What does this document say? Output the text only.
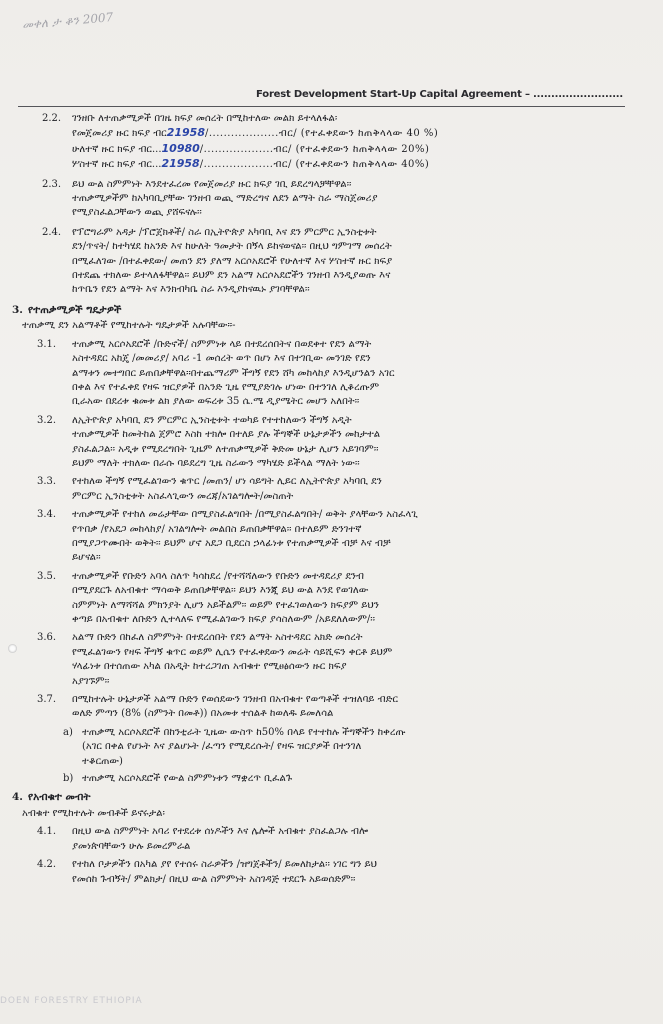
መቀለ ታ ቆን 2007
Forest Development Start-Up Capital Agreement – .........................
2.2. ገንዘቡ ለተጠቃሚዎች በገዜ ክፍያ መሰረት በሚከተለው መልክ ይተላለፋል፡
የመጀመሪያ ዙር ክፍያ ብር21958/...................ብር/ (የተፈቀደውን ከጠቅላላው 40 %)
ሁለተኛ ዙር ክፍያ ብር...10980/...................ብር/ (የተፈቀደውን ከጠቅላላው 20%)
ሦስተኛ ዙር ክፍያ ብር...21958/...................ብር/ (የተፈቀደውን ከጠቅላላው 40%)
2.3. ይህ ውል ስምምነት እንደተፈረመ የመጀመሪያ ዙር ክፍያ ገቢ ይደረግላቻቸዋል፡፡
ተጠቃሚዎችም ከአካባቢያቸው ገንዘብ ወጪ ማድረግና ለደን ልማት ስራ ማስጀመሪያ
የሚያስፈልጋቸውን ወጪ ያሸፍናሉ፡፡
2.4. የፕሮግራም አዳታ /ፕሮጀክቶች/ ስራ በኢትዮጵያ አካባቢ እና ደን ምርምር ኢንስቲቱት
ደን/ጥናት/ ከተካሄደ ከአንድ እና ከሁለት ዓመታት በኝላ ይከናወናል፡፡ በዚህ ግምገማ መሰረት
በሚፈለገው /በተፈቀደው/ መጠን ደን ያለማ አርሶአደሮች የሁለተኛ እና ሦስተኛ ዙር ክፍያ
በተደጨ ተክለው ይተላለፋቸዋል፡፡ ይህም ደን አልማ አርሶአደሮችን ገንዘብ እንዲያወጡ እና
ከጥቤን የደን ልማት እና እንክብካቤ ስራ እንዲያከናዉኑ ያገባቸዋል፡፡
3. የተጠቃሚዎች ግዴታዎች
ተጠቃሚ ደን አልማቶች የሚከተሉት ግዴታዎች አሉባቸው።-
3.1. ተጠቃሚ አርሶአደሮች /ቡድኖች/ ስምምነቱ ላይ በተደረሰበትና በወደቀተ የደን ልማት
አስተዳደር አከጄ /መመሪያ/ አባሪ -1 መሰረት ወጥ በሆነ እና በተገቢው መንገድ የደን
ልማቱን መተግበር ይጠበቃቸዋል።በተጨማሪም ችግኝ የደን ሸካ መከላከያ እንዲሆንልን አገር
በቀል እና የተፈቀደ የዛፍ ዝርያዎች በአንድ ጊዜ የሚያድገሉ ሆነው በተንገለ ሊቆረጡም
ቢራአው በደረቱ ቁመቱ ልክ ያለው ወፍረቱ 35 ሴ.ሜ ዲያሜትር መሆን አለበት፡፡
3.2. ለኢትዮጵያ አካባቢ ደን ምርምር ኢንስቲቱት ተወካይ የተተከለውን ችግኝ አዲት
ተጠቃሚዎች ከመትከል ጀምሮ እስከ ተክሎ በተለይ ያሉ ችግኞች ሁኔታዎችን መከታተል
ያስፈልጋል፡፡ አዲቱ የሚደረግበት ጊዜም ለተጠቃሚዎች ቅድመ ሁኔታ ሊሆን አይገባም፡፡
ይህም ማለት ተክለው በራሱ ባይደረግ ጊዜ ስራውን ማካሄድ ይችላል ማለት ነው፡፡
3.3. የተከለወ ችግኝ የሚፈልገውን ቁጥር /መጠን/ ሆነ ሳይግት ሊይር ለኢትዮጵያ አካባቢ ደን
ምርምር ኢንስቲቱት አስፈላጊውን መረጃ/አገልግሎት/መስጠት
3.4. ተጠቃሚዎች የተከለ መሬታቸው በሚያስፈልግበት /በሚያስፈልግበት/ ወቅት ያላቸውን አስፈላጊ
የጥበቃ /የአደጋ መከላከያ/ አገልግሎት መልበስ ይጠበቃቸዋል፡፡ በተለይም ድንገተኛ
በሚያጋጥሙበት ወቅት፡፡ ይህም ሆኖ አደጋ ቢደርስ ኃላፊነቱ የተጠቃሚዎች ብቻ እና ብቻ
ይሆናል፡፡
3.5. ተጠቃሚዎች የቡድን አባላ ስለጥ ካሳከደረ /የተሻሻለውን የቡድን መተዳደሪያ ደንብ
በሚያደርጉ ለአብቁተ ማሳወቅ ይጠበቃቸዋል፡፡ ይህን እንጂ ይህ ውል እንደ የወገለው
ስምምነት ለማሻሻል ምክንያት ሊሆን አይችልም፡፡ ወይም የተፈገወለውን ክፍያም ይህን
ቀጣይ በአብቁተ ለቡድን ሊተላለፍ የሚፈልገውን ክፍያ ያሳስለውም /አይደለለውም/፡፡
3.6. አልማ ቡድን በከፈለ ስምምነት በተደረሰበት የደን ልማት አስተዳደር አክድ መሰረት
የሚፈልገውን የዛፍ ችግኝ ቁጥር ወይም ሊሴን የተፈቀደውን መሬት ሳይሺፍን ቀርቶ ይህም
ሃላፊነቱ በተሰጠው አካል በአዲት ከተረጋገጠ አብቁተ የሚፀፅሰውን ዙር ክፍያ
አያገኙም፡፡
3.7. በሚከተሉት ሁኔታዎች አልማ ቡድን የወሰደውን ገንዘብ በአብቁተ የወጣቶች ተዝለባይ ብድር
ወለድ ምጣን (8% (ስምንት በመቶ)) በአመቱ ተሰልቶ ከወለዱ ይመለሳል
a) ተጠቃሚ አርሶአደሮች በከንቲራት ጊዜው ውስጥ ከ50% በላይ የተተከሉ ችግኞችን ከቀረጡ
(አገር በቀል የሆኑት እና ያልሆኑት /ፈጣን የሚደረሱት/ የዛፍ ዝርያዎች በተንገለ
ተቆርጠው)
b) ተጠቃሚ አርሶአደሮች የውል ስምምነቱን ማቋረጥ ቢፈልጉ
4. የአብቁተ መብት
አብቁተ የሚከተሉት መብቶች ይኖሩታል፡
4.1. በዚህ ውል ስምምነት አባሪ የተደረቱ ሰነዶችን እና ሌሎች አብቁተ ያስፈልጋሉ ብሎ
ያመነጵባቸውን ሁሉ ይመረምራል
4.2. የተከለ ቦታዎችን በአካል ያየ የተሰሩ ስራዎችን /ዝግጀቶችን/ ይመለከታል፡፡ ነገር ግን ይህ
የመሰከ ጉብኝት/ ምልክታ/ በዚህ ውል ስምምነት አስገዳጅ ተደርጉ አይወሰድም፡፡
DOEN FORESTRY ETHIOPIA
